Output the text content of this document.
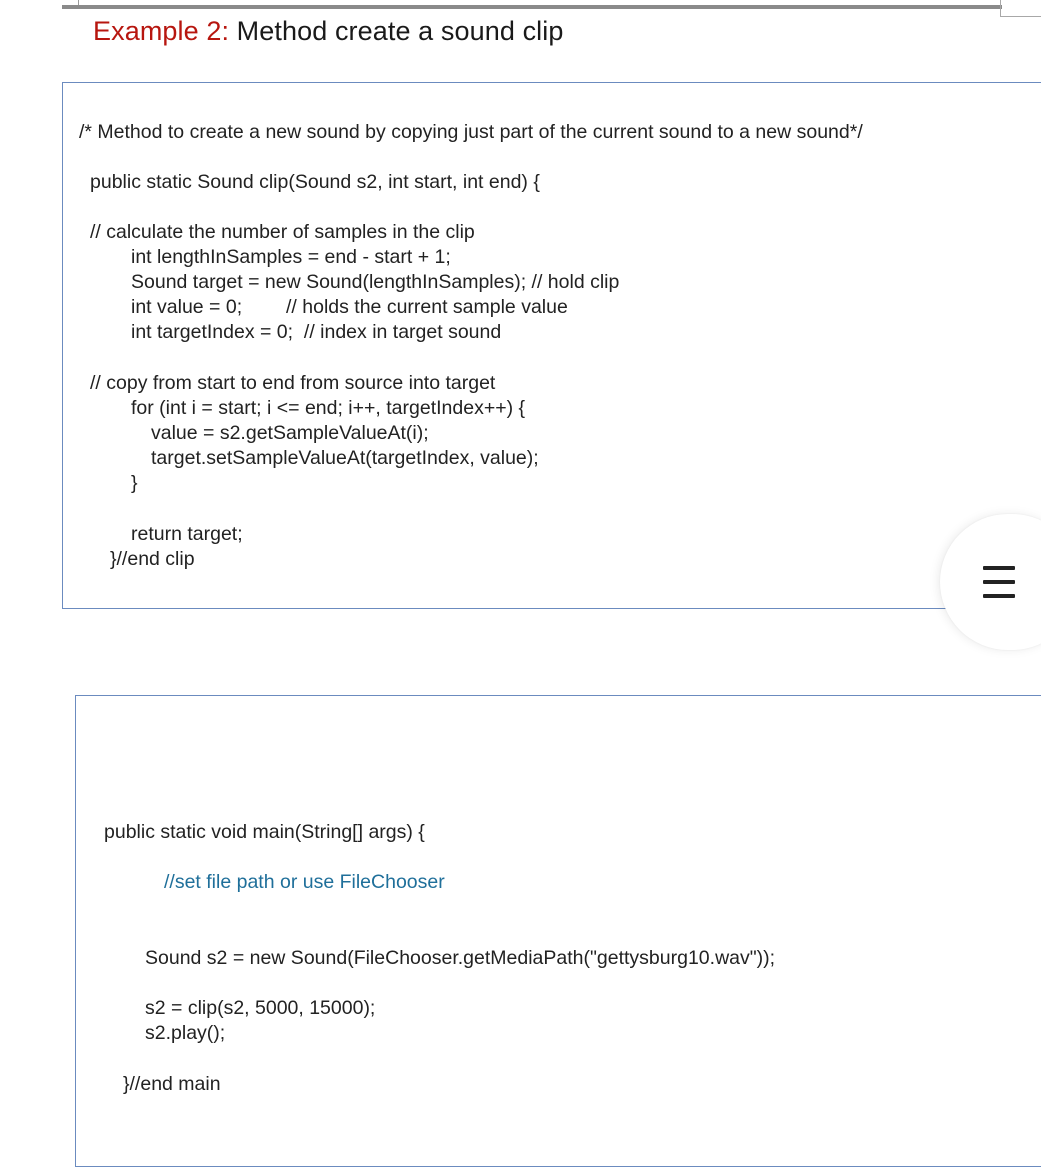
Example 2: Method create a sound clip
/* Method to create a new sound by copying just part of the current sound to a new sound*/
public static Sound clip(Sound s2, int start, int end) {
// calculate the number of samples in the clip
int lengthInSamples = end - start + 1;
Sound target = new Sound(lengthInSamples); // hold clip
int value = 0; // holds the current sample value
int targetIndex = 0;  // index in target sound
// copy from start to end from source into target
for (int i = start; i <= end; i++, targetIndex++) {
value = s2.getSampleValueAt(i);
target.setSampleValueAt(targetIndex, value);
}
return target;
}//end clip
public static void main(String[] args) {
//set file path or use FileChooser
Sound s2 = new Sound(FileChooser.getMediaPath("gettysburg10.wav"));
s2 = clip(s2, 5000, 15000);
s2.play();
}//end main
